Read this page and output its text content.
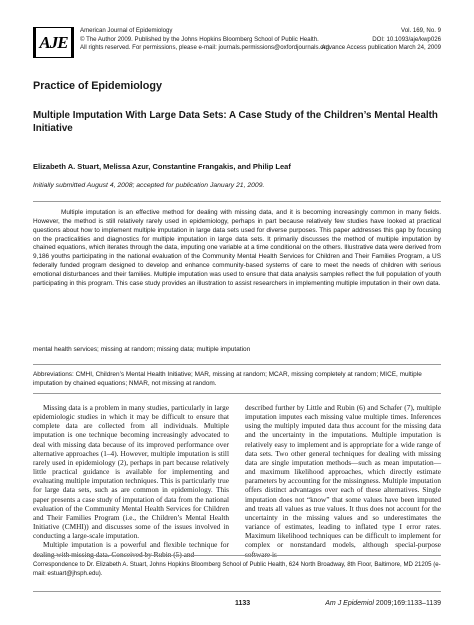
AJE
American Journal of Epidemiology
© The Author 2009. Published by the Johns Hopkins Bloomberg School of Public Health.
All rights reserved. For permissions, please e-mail: journals.permissions@oxfordjournals.org.
Vol. 169, No. 9
DOI: 10.1093/aje/kwp026
Advance Access publication March 24, 2009
Practice of Epidemiology
Multiple Imputation With Large Data Sets: A Case Study of the Children’s Mental Health Initiative
Elizabeth A. Stuart, Melissa Azur, Constantine Frangakis, and Philip Leaf
Initially submitted August 4, 2008; accepted for publication January 21, 2009.
Multiple imputation is an effective method for dealing with missing data, and it is becoming increasingly common in many fields. However, the method is still relatively rarely used in epidemiology, perhaps in part because relatively few studies have looked at practical questions about how to implement multiple imputation in large data sets used for diverse purposes. This paper addresses this gap by focusing on the practicalities and diagnostics for multiple imputation in large data sets. It primarily discusses the method of multiple imputation by chained equations, which iterates through the data, imputing one variable at a time conditional on the others. Illustrative data were derived from 9,186 youths participating in the national evaluation of the Community Mental Health Services for Children and Their Families Program, a US federally funded program designed to develop and enhance community-based systems of care to meet the needs of children with serious emotional disturbances and their families. Multiple imputation was used to ensure that data analysis samples reflect the full population of youth participating in this program. This case study provides an illustration to assist researchers in implementing multiple imputation in their own data.
mental health services; missing at random; missing data; multiple imputation
Abbreviations: CMHI, Children’s Mental Health Initiative; MAR, missing at random; MCAR, missing completely at random; MICE, multiple imputation by chained equations; NMAR, not missing at random.

Missing data is a problem in many studies, particularly in large epidemiologic studies in which it may be difficult to ensure that complete data are collected from all individuals. Multiple imputation is one technique becoming increasingly advocated to deal with missing data because of its improved performance over alternative approaches (1–4). However, multiple imputation is still rarely used in epidemiology (2), perhaps in part because relatively little practical guidance is available for implementing and evaluating multiple imputation techniques. This is particularly true for large data sets, such as are common in epidemiology. This paper presents a case study of imputation of data from the national evaluation of the Community Mental Health Services for Children and Their Families Program (i.e., the Children’s Mental Health Initiative (CMHI)) and discusses some of the issues involved in conducting a large-scale imputation.

Multiple imputation is a powerful and flexible technique for dealing with missing data. Conceived by Rubin (5) and

described further by Little and Rubin (6) and Schafer (7), multiple imputation imputes each missing value multiple times. Inferences using the multiply imputed data thus account for the missing data and the uncertainty in the imputations. Multiple imputation is relatively easy to implement and is appropriate for a wide range of data sets. Two other general techniques for dealing with missing data are single imputation methods—such as mean imputation—and maximum likelihood approaches, which directly estimate parameters by accounting for the missingness. Multiple imputation offers distinct advantages over each of these alternatives. Single imputation does not “know” that some values have been imputed and treats all values as true values. It thus does not account for the uncertainty in the missing values and so underestimates the variance of estimates, leading to inflated type I error rates. Maximum likelihood techniques can be difficult to implement for complex or nonstandard models, although special-purpose software is

Correspondence to Dr. Elizabeth A. Stuart, Johns Hopkins Bloomberg School of Public Health, 624 North Broadway, 8th Floor, Baltimore, MD 21205 (e-mail: estuart@jhsph.edu).
1133	Am J Epidemiol 2009;169:1133–1139
